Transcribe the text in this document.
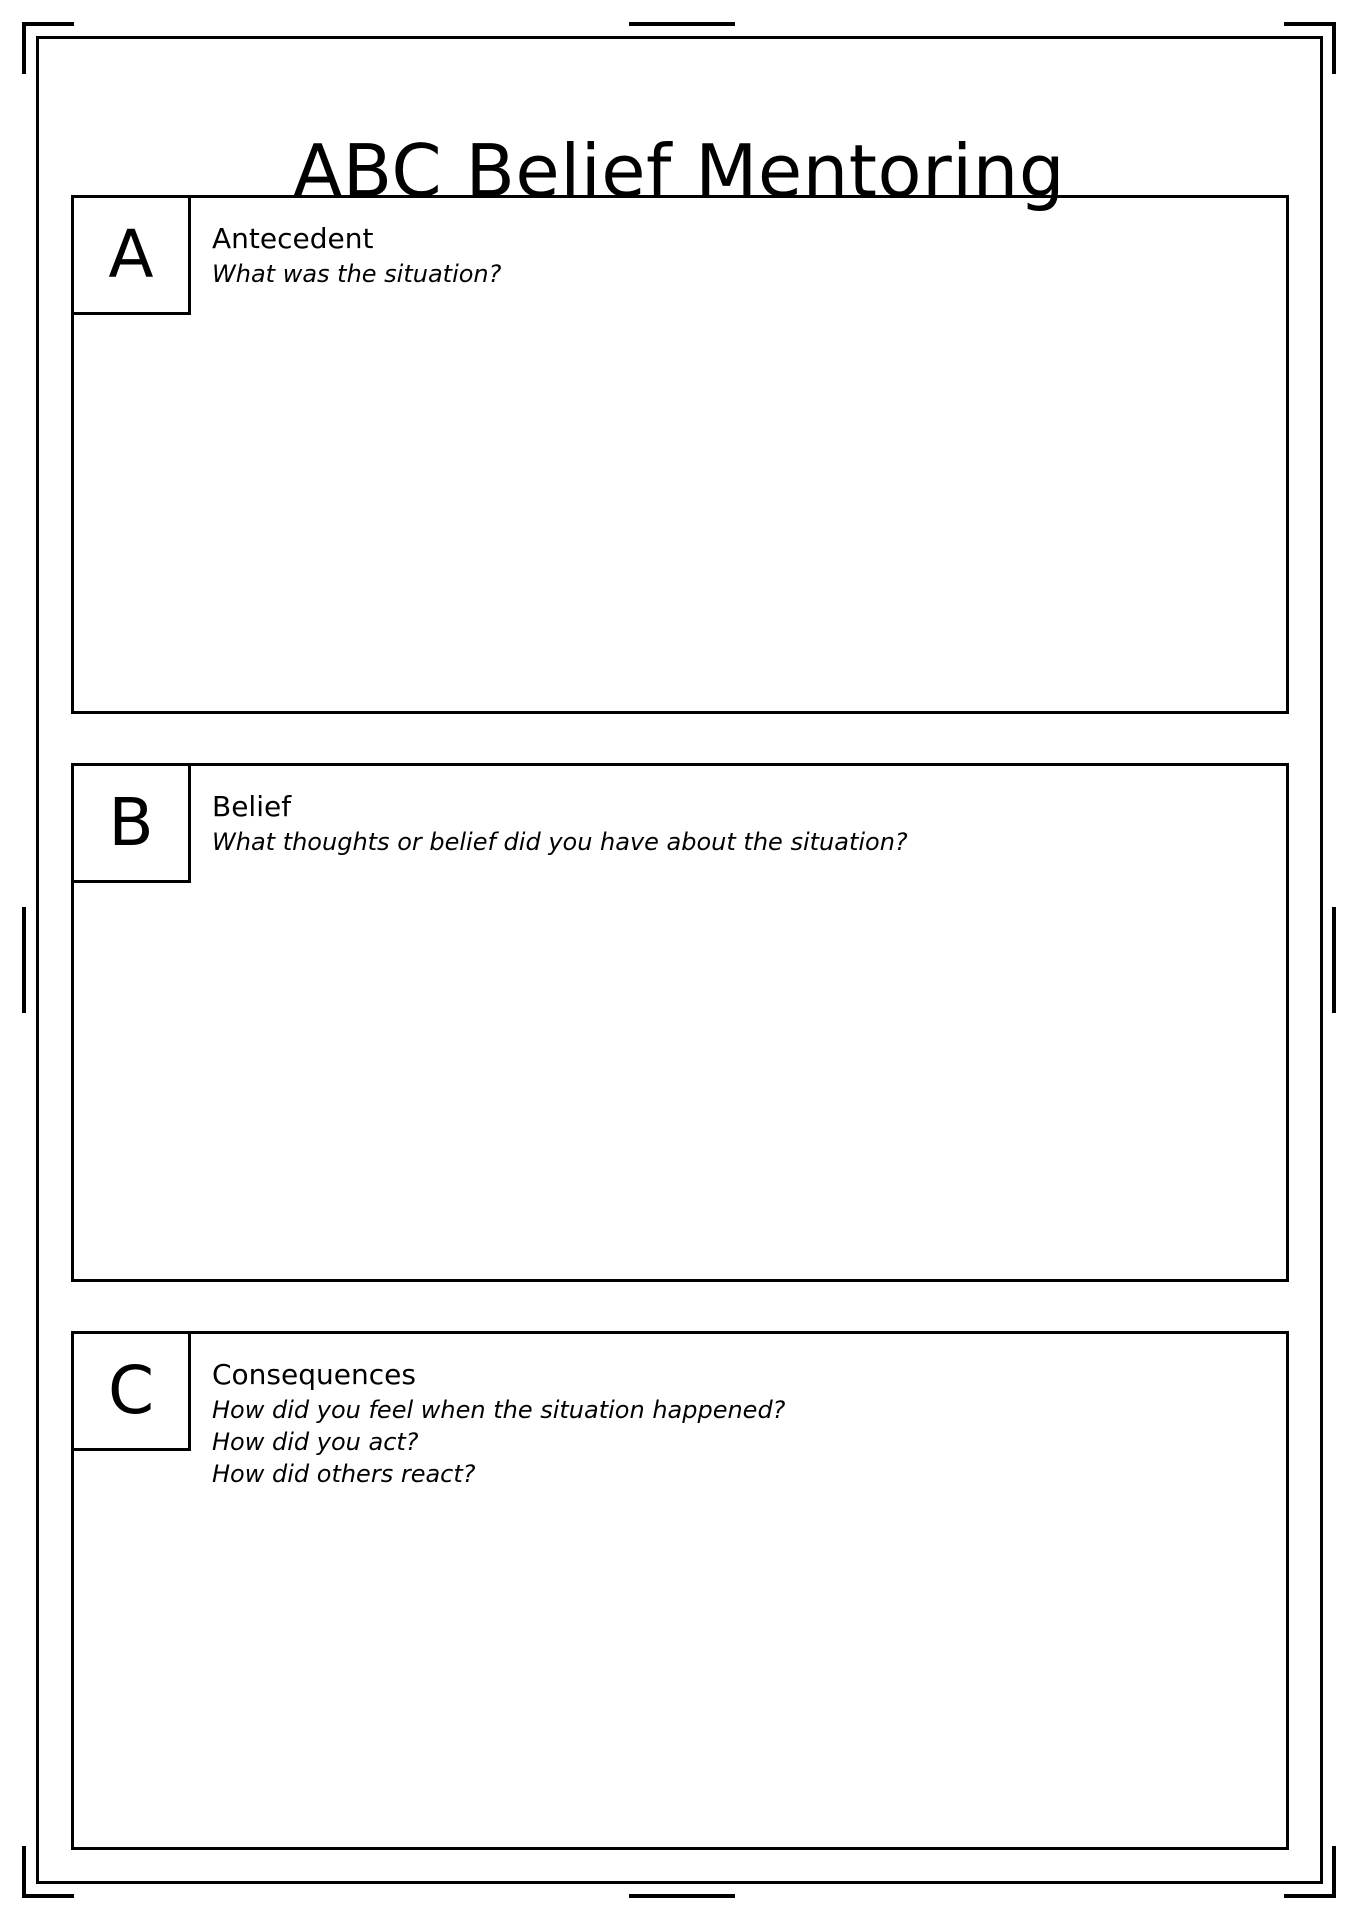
ABC Belief Mentoring
A	Antecedent
What was the situation?
B	Belief
What thoughts or belief did you have about the situation?
C	Consequences
How did you feel when the situation happened?
How did you act?
How did others react?
